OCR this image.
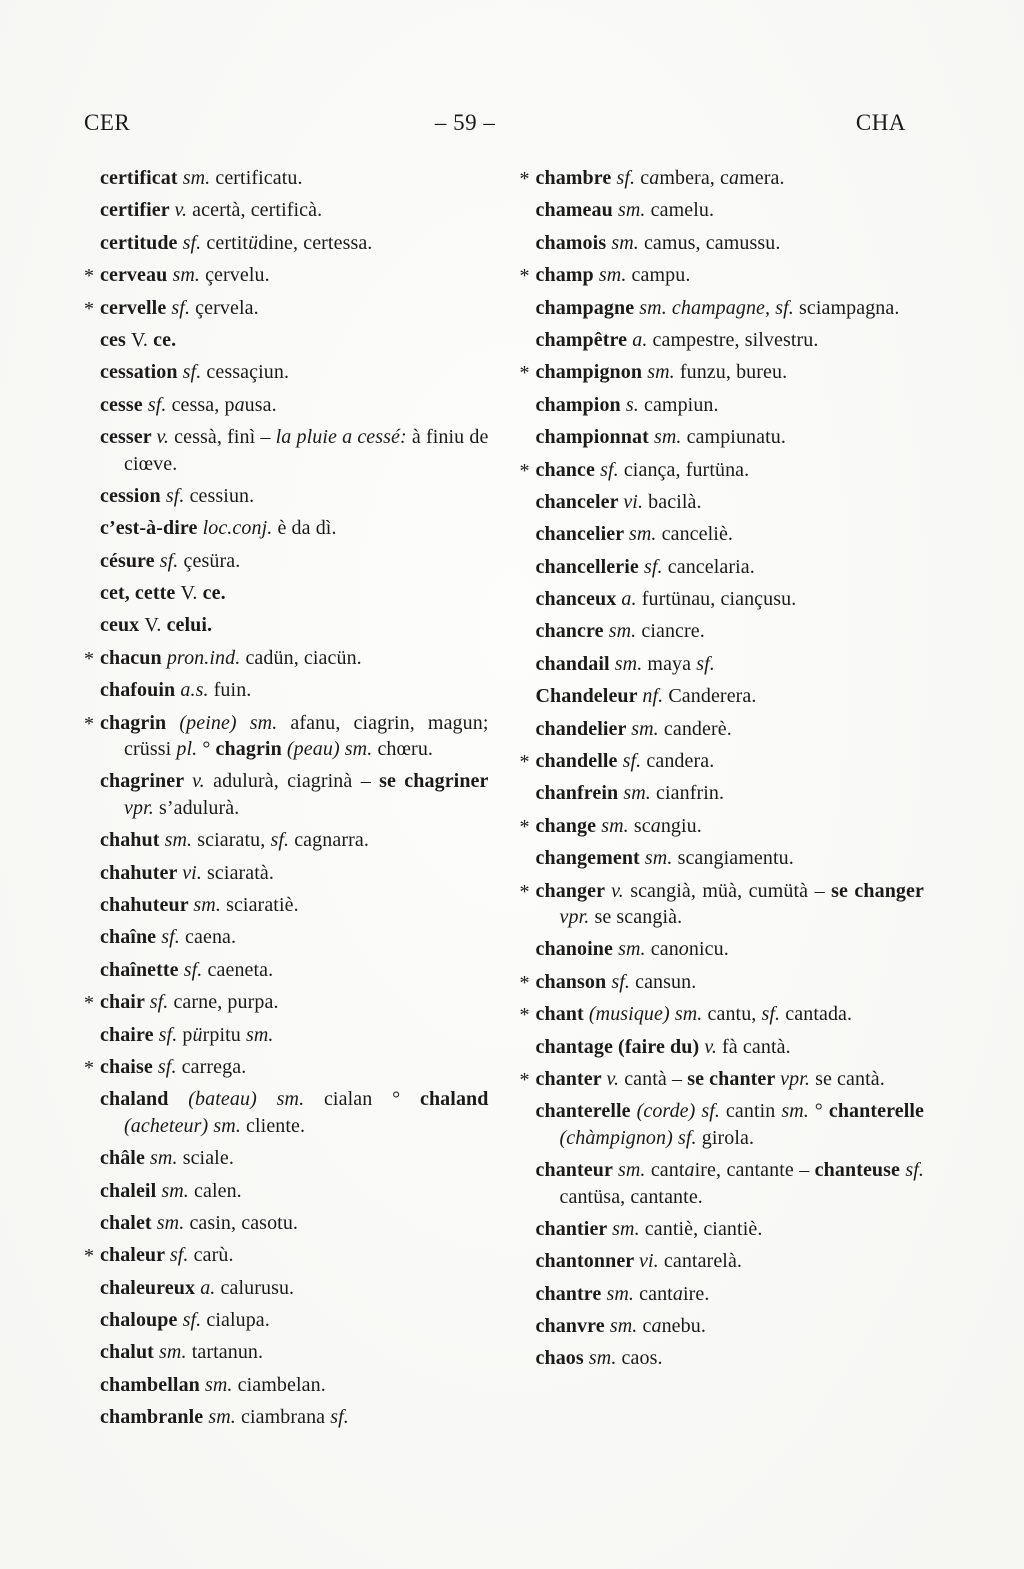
CER	– 59 –	CHA
certificat sm. certificatu.
certifier v. acertà, certificà.
certitude sf. certitüdine, certessa.
* cerveau sm. çervelu.
* cervelle sf. çervela.
ces V. ce.
cessation sf. cessaçiun.
cesse sf. cessa, pausa.
cesser v. cessà, finì – la pluie a cessé: à finiu de ciœve.
cession sf. cessiun.
c’est-à-dire loc.conj. è da dì.
césure sf. çesüra.
cet, cette V. ce.
ceux V. celui.
* chacun pron.ind. cadün, ciacün.
chafouin a.s. fuin.
* chagrin (peine) sm. afanu, ciagrin, magun; crüssi pl. ° chagrin (peau) sm. chœru.
chagriner v. adulurà, ciagrinà – se chagriner vpr. s’adulurà.
chahut sm. sciaratu, sf. cagnarra.
chahuter vi. sciaratà.
chahuteur sm. sciaratiè.
chaîne sf. caena.
chaînette sf. caeneta.
* chair sf. carne, purpa.
chaire sf. pürpitu sm.
* chaise sf. carrega.
chaland (bateau) sm. cialan ° chaland (acheteur) sm. cliente.
châle sm. sciale.
chaleil sm. calen.
chalet sm. casin, casotu.
* chaleur sf. carù.
chaleureux a. calurusu.
chaloupe sf. cialupa.
chalut sm. tartanun.
chambellan sm. ciambelan.
chambranle sm. ciambrana sf.
* chambre sf. cambera, camera.
chameau sm. camelu.
chamois sm. camus, camussu.
* champ sm. campu.
champagne sm. champagne, sf. sciampagna.
champêtre a. campestre, silvestru.
* champignon sm. funzu, bureu.
champion s. campiun.
championnat sm. campiunatu.
* chance sf. ciança, furtüna.
chanceler vi. bacilà.
chancelier sm. canceliè.
chancellerie sf. cancelaria.
chanceux a. furtünau, ciançusu.
chancre sm. ciancre.
chandail sm. maya sf.
Chandeleur nf. Canderera.
chandelier sm. canderè.
* chandelle sf. candera.
chanfrein sm. cianfrin.
* change sm. scangiu.
changement sm. scangiamentu.
* changer v. scangià, müà, cumütà – se changer vpr. se scangià.
chanoine sm. canonicu.
* chanson sf. cansun.
* chant (musique) sm. cantu, sf. cantada.
chantage (faire du) v. fà cantà.
* chanter v. cantà – se chanter vpr. se cantà.
chanterelle (corde) sf. cantin sm. ° chanterelle (chàmpignon) sf. girola.
chanteur sm. cantaire, cantante – chanteuse sf. cantüsa, cantante.
chantier sm. cantiè, ciantiè.
chantonner vi. cantarelà.
chantre sm. cantaire.
chanvre sm. canebu.
chaos sm. caos.
